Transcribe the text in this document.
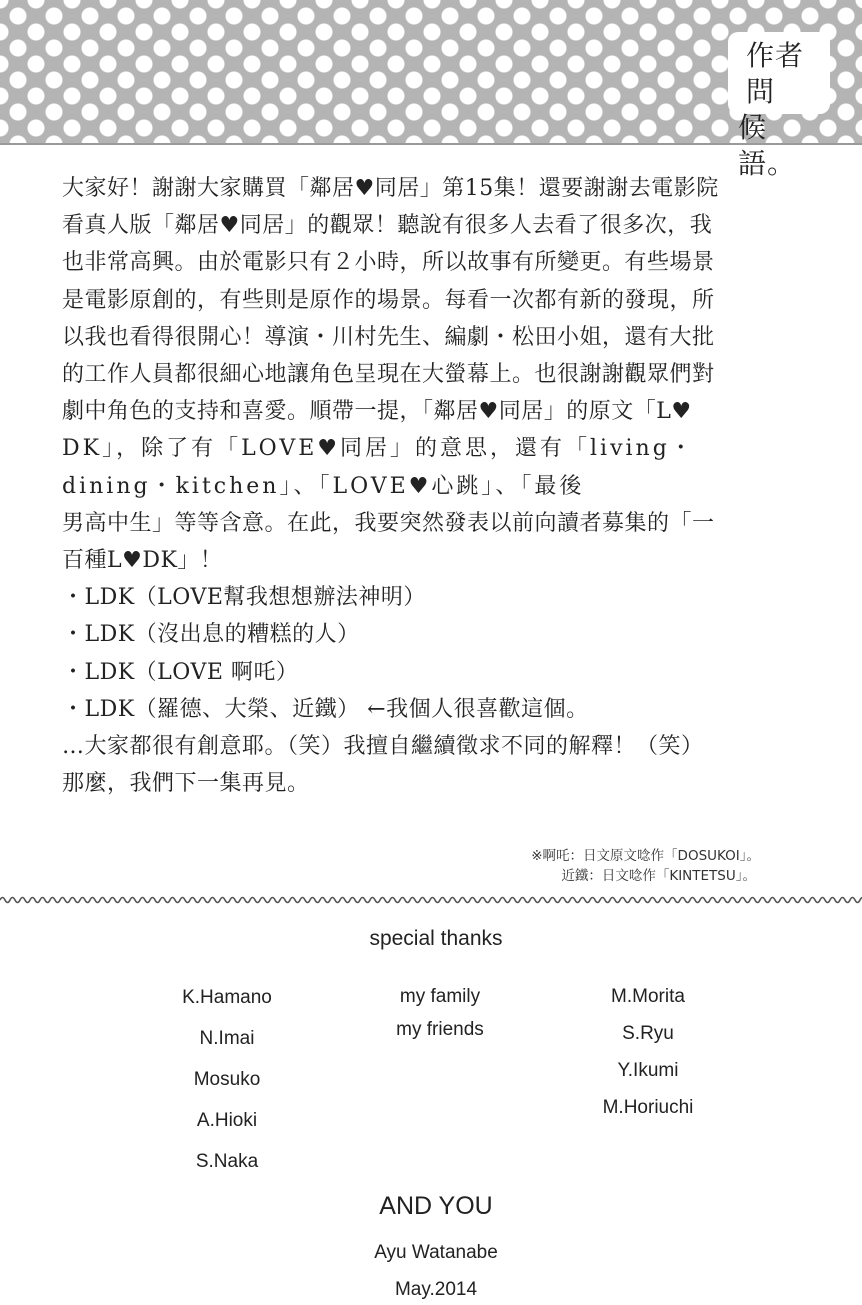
作者問
候語。
大家好！謝謝大家購買「鄰居♥同居」第15集！還要謝謝去電影院
看真人版「鄰居♥同居」的觀眾！聽說有很多人去看了很多次，我
也非常高興。由於電影只有２小時，所以故事有所變更。有些場景
是電影原創的，有些則是原作的場景。每看一次都有新的發現，所
以我也看得很開心！導演・川村先生、編劇・松田小姐，還有大批
的工作人員都很細心地讓角色呈現在大螢幕上。也很謝謝觀眾們對
劇中角色的支持和喜愛。順帶一提，「鄰居♥同居」的原文「L♥
DK」，除了有「LOVE♥同居」的意思，還有「living・
dining・kitchen」、「LOVE♥心跳」、「最後
男高中生」等等含意。在此，我要突然發表以前向讀者募集的「一
百種L♥DK」！
・LDK（LOVE幫我想想辦法神明）
・LDK（沒出息的糟糕的人）
・LDK（LOVE 啊吒）
・LDK（羅德、大榮、近鐵） ←我個人很喜歡這個。
…大家都很有創意耶。（笑）我擅自繼續徵求不同的解釋！（笑）
那麼，我們下一集再見。
※啊吒：日文原文唸作「DOSUKOI」。
近鐵：日文唸作「KINTETSU」。
special thanks
K.Hamano
N.Imai
Mosuko
A.Hioki
S.Naka
my family
my friends
M.Morita
S.Ryu
Y.Ikumi
M.Horiuchi
AND YOU
Ayu Watanabe
May.2014
